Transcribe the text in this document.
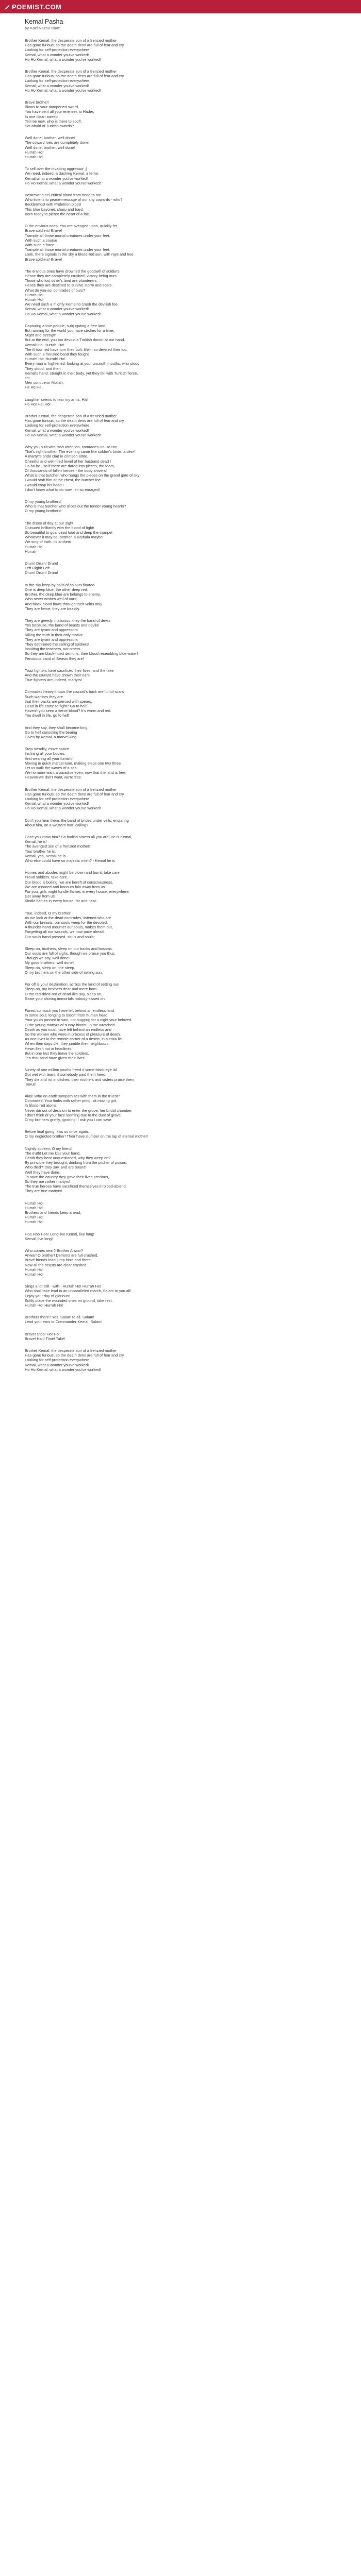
POEMIST.COM
Kemal Pasha
by Kazi Nazrul Islam
Brother Kemal, the desperate son of a frenzied mother
Has gone furious; so the death dens are full of fear and cry
Looking for self-protection everywhere.
Kemal, what a wonder you've worked!
Ho Ho Kemal, what a wonder you've worked!
Brother Kemal, the desperate son of a frenzied mother
Has gone furious; so the death dens are full of fear and cry
Looking for self-protection everywhere.
Kemal, what a wonder you've worked!
Ho Ho Kemal, what a wonder you've worked!
Brave brother!
Blows to your dampened sword.
You have sent all your enemies to Hades
In one clean sweep.
Tell me now, who is there to scoff,
Set afraid of Turkish swords?
Well done, brother, well done!
The coward foes are completely done!
Well done, brother, well done!
Hurrah Ho!
Hurrah Ho!
To sell over the invading aggressor ;)
We need, indeed, a dashing Kemal, a terror.
Kemal,what a wonder you've worked!
Ho Ho Kemal, what a wonder you've worked!
Bestrewing eel-critical blood from head to toe
Who listens to peace-message of our shy cowards - who?
Beddermost with Proletiron blood
This blue bayonet, sharp and hard,
Born ready to pierce the heart of a foe.
O the envious ones! You are avenged upon, quickly fet.
Brave soldiers! Brave!
Trample all those mortal creatures under your feet.
With such a course
With such a force
Trample all those mortal creatures under your feet.
Look, there signals in the sky a blood-red sun, with rays and hue
Brave soldiers! Brave!
The envious ones have drowned the goodwill of soldiers
Hence they are completely crushed, victory being ours.
Those who lost other's land are plunderers,
Hence they are destined to survive storm and scars.
What do you-so, comrades of ours?
Hurrah Ho!
Hurrah Ho!
We need such a mighty Kemal to crush the devilish foe.
Kemal, what a wonder you've worked!
Ho Ho Kemal, what a wonder you've worked!
Capturing a true people, subjugating a free land,
But running for the world you have strokes for a time,
Might and strength,
But at the end, you too devoid a Turkish doctor at our hand.
Kemal! Ho! Hurrah! Ho!
The ill tour red have torn their bolt, lifelin so devised their loc.
With such a frenzied band they fought
Hurrah! Ho! Hurrah! Ho!
Every man is frightened, looking at your uncouth mouths, who stood
They stood, and then,
Kemal's hand, straight in their body, yet they fell with Turkish fierce,
cit!
Men conqueror Mollah,
He He He!
Laughter seems to tear my arms, Ha!
Ho Ho! Ha! Ho!
Brother Kemal, the desperate son of a frenzied mother
Has gone furious; so the death dens are full of fear and cry
Looking for self-protection everywhere.
Kemal, what a wonder you've worked!
Ho Ho Kemal, what a wonder you've worked!
Why you built with rash attention, comrades Ho Ho Ho!
That's right brother! The evening came like soldier's bride; a dew!
A martyr's bride clad in crimson attire,
Cheerful and well-fired fewel of her husband dead !
Ho ho ho , so if there are dared into pieces, the fears,
Of thousands of fallen heroes - the body shivers!
What is that butcher, who hangs the pieces on the grand gate of sky!
I would stab him at the chest, the butcher foe
I would chop his head !
I don't know what to do now, I'm so enraged!
O my young brothers!
Who is that butcher who slices out the tender young hearts?
O my young brothers!
The drees of day at our sight
Coloured brilliantly with the blood of fight!
So beautiful to goal dead loud and deep the trumpet
Whatever it may be, brother, a Karbala maybe!
We sing of truth, its anthem
Hurrah Ho
Hurrah
Drum! Drum! Drum!
Left Right! Left
Drum! Drum! Drum!
In the sky keep by balls of colours floated
One is deep blue, the other deep red.
Brother, the deep blue are belongs to enemy.
Who never wishes well of ours;
And black blood flows through their veins only
They are fierce; they are beastly.
They are greedy, malicious, they the band of devils
Yes because, the band of beasts and devils!
They are tyrant and oppressors
Killing the truth in their only motive
They are tyrant and oppressors
They dethroned the calling of soldiers!
Insulting the teachers, not others.
So they are black-hued demons; their blood resembling blue water!
Ferocious band of Beasts they are!
Trust fighters have sacrificed their lives, and the fake
And the coward have shown their ears
True fighters are, indeed, martyrs!
Comrades heavy knows the coward's back are full of scars
Such warriors they are
that their backs are pierced with spears.
Dead in life come to fight? Go to hell!
Haven't you seen a fierce blood? It's warm and red.
You dwell in life, go to hell!
And they say, they shall become king,
Go to hell consoling the beaing
Given by Kemal, a marvel king
Step steadily, move space
Inclining all your bodies.
And wearing all your fumish!
Moving in quick martial tune, making steps one two three
Let us walk the waves of a sea
We no more want a paradise even, now that the land is free.
Heaven we don't want, we're free.
Brother Kemal, the desperate son of a frenzied mother
Has gone furious; so the death dens are full of fear and cry
Looking for self-protection everywhere.
Kemal, what a wonder you've worked!
Ho Ho Kemal, what a wonder you've worked!
Don't you hear them, the band of brides under veils, enquiring
About him, on a western mar, calling?
Don't you know him? So foolish sisters all you are! He is Kemal,
Kemal, he is!
The avenged son of a frenzied mother!
Your brother he is.
Kemal, yes, Kemal he is -
Who else could have so majestic mien? - Kemal he is
Homes and abodes might be blown and burnt, take care
Proud soldiers, take care.
Our blood is boiling, we are bereft of consciousness,
We are assured and honours fain away from us
For you, girls might fundle flames in every house, everywhere,
Get away from us.
Kindle flames in every house, far and near.
True, indeed, O my brother!
As we look at the dead comrades, listened who are
With our breasts, our souls weep for the devoted.
A thunder-hand mourner our souls, makes them out,
Forgetting all our wounds, we now pace ahead.
Our souls hand pressed, souls and souls!
Sleep on, brothers, sleep on our backs and bosoms.
Our souls are full of sighs, though we praise you thus.
Though we say, well done!
My good brothers, well done!
Sleep on, sleep on, the steep.
O my brothers on the other side of selling sun.
For off is your destination, across the land of setting sun
Sleep on, my brothers dear and mere born.
O the red-dried-red of dead-like-sky, sleep on,
Raise your shining immortals nobody-kissed on.
Forest so much you have left behind an endless land
In some soul, longing to bloom from human head
Your youth passed in vain, not hugging for a night your beloved.
O the young martyrs of sunny-bloom! In the wretched
Death as you must have left behind an endless and
So the women who were in process of pleasure of death,
As one lives in the remote corner of a desert, in a crow lie.
When their days die, they jumble their neighbours;
Hewn flesh not in headlines.
But in one lest they leave the soldiers,
Ten thousand have given their lives!
Ninety of one million youths freed it some black-eye lid
Got wet with tears, if somebody paid them heed,
They die and rot in ditches; their mothers and sisters praise them,
'Seruti'
Alas! Who on earth sympathizes with them in the truest?
Comrades! Your limbs with rather pring, sit moving grit,
In blood-red atoms,
Never die out of decision to enter the grove, her bridal chamber.
I don't think of your face looming due to the dust of grave.
O my brothers grimly, ignoring! I ask you I can save.
Before final going, kiss us once again.
O my neglected brother! Their have slumber on the lap of eternal mother!
Nightly spoken, O my friend
The truth! Let me kiss your hand.
Death they bear unquestioned, why they weep on?
By principle they brought, drinking from the pitcher of poison;
Who died?' they say. and are bound!
Well they have done,
To save the country they gave their lives precious,
So they are rather martyrs!
The true heroes have sacrificed themselves in blood-ablend,
They are true martyrs!
Hurrah Ho!
Hurrah Ho!
Brothers and friends keep ahead,
Hurrah Ho!
Hurrah Ho!
Hoo Hoo Hoo! Long live Kemal, live long!
Kemal, live long!
Who comes near? Brother Anwar?
Anwar! O brother! Demons are full crushed,
Brave friends lead jump here and there,
Now all the beasts are clear crushed.
Hurrah Ho!
Hurrah Ho!
Sings a lot still - with - Hurrah Ho! Hurrah Ho!
Who shall take lead in an unparalleled march, Salam to you all!
Enjoy your day of glorious!
Softly place the wounded ones on ground, take rest.
Hurrah Ho! Hurrah Ho!
Brothers there? Yes. Salam to all. Salam!
Lend your ears to Commander Kemal, Salam!
Brave! Stop! Ho! Ho!
Brave! Halt! Time! Take!
Brother Kemal, the desperate son of a frenzied mother
Has gone furious; so the death dens are full of fear and cry
Looking for self-protection everywhere.
Kemal, what a wonder you've worked!
Ho Ho Kemal, what a wonder you've worked!
